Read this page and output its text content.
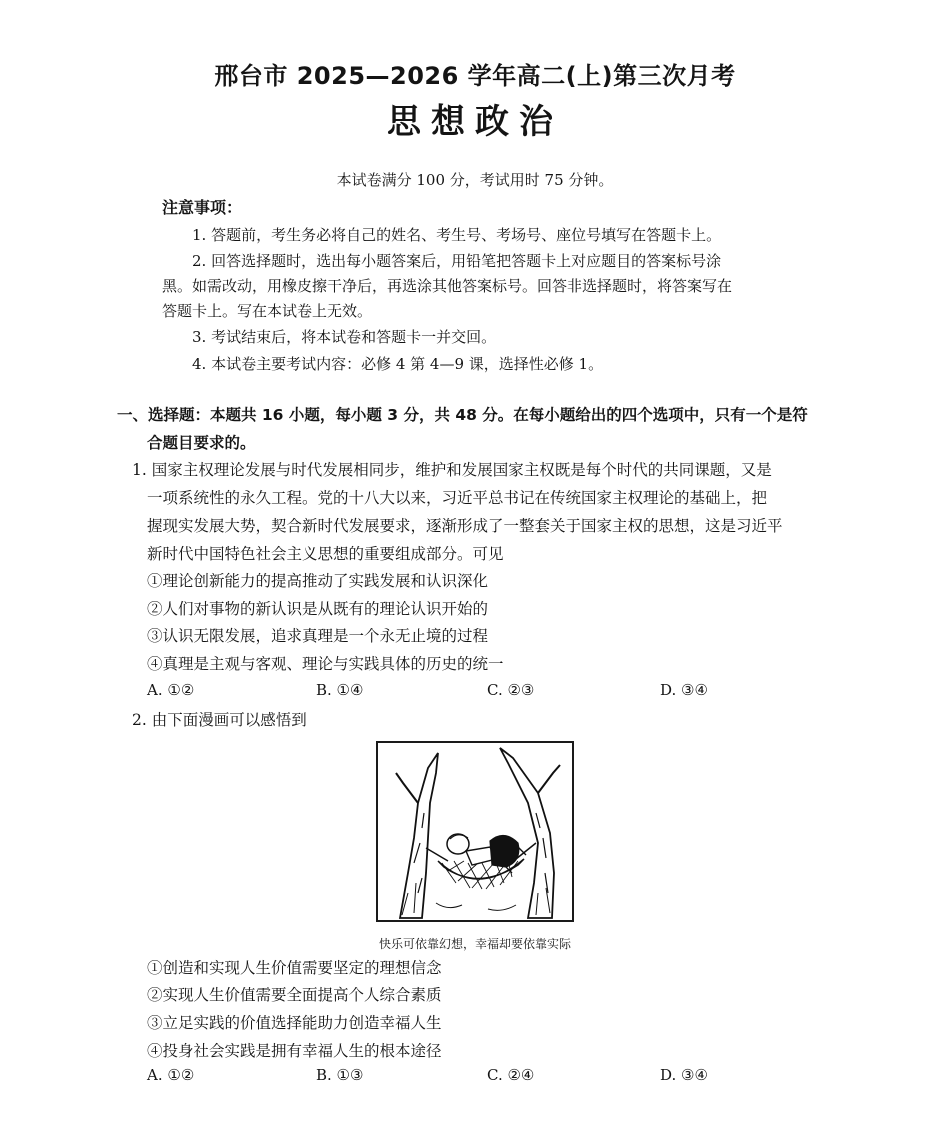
邢台市 2025—2026 学年高二(上)第三次月考
思想政治
本试卷满分 100 分，考试用时 75 分钟。
注意事项：
1. 答题前，考生务必将自己的姓名、考生号、考场号、座位号填写在答题卡上。
2. 回答选择题时，选出每小题答案后，用铅笔把答题卡上对应题目的答案标号涂
黑。如需改动，用橡皮擦干净后，再选涂其他答案标号。回答非选择题时，将答案写在
答题卡上。写在本试卷上无效。
3. 考试结束后，将本试卷和答题卡一并交回。
4. 本试卷主要考试内容：必修 4 第 4—9 课，选择性必修 1。
一、选择题：本题共 16 小题，每小题 3 分，共 48 分。在每小题给出的四个选项中，只有一个是符
合题目要求的。
1. 国家主权理论发展与时代发展相同步，维护和发展国家主权既是每个时代的共同课题，又是
一项系统性的永久工程。党的十八大以来，习近平总书记在传统国家主权理论的基础上，把
握现实发展大势，契合新时代发展要求，逐渐形成了一整套关于国家主权的思想，这是习近平
新时代中国特色社会主义思想的重要组成部分。可见
①理论创新能力的提高推动了实践发展和认识深化
②人们对事物的新认识是从既有的理论认识开始的
③认识无限发展，追求真理是一个永无止境的过程
④真理是主观与客观、理论与实践具体的历史的统一
A. ①②	B. ①④	C. ②③	D. ③④
2. 由下面漫画可以感悟到
快乐可依靠幻想，幸福却要依靠实际
①创造和实现人生价值需要坚定的理想信念
②实现人生价值需要全面提高个人综合素质
③立足实践的价值选择能助力创造幸福人生
④投身社会实践是拥有幸福人生的根本途径
A. ①②	B. ①③	C. ②④	D. ③④
